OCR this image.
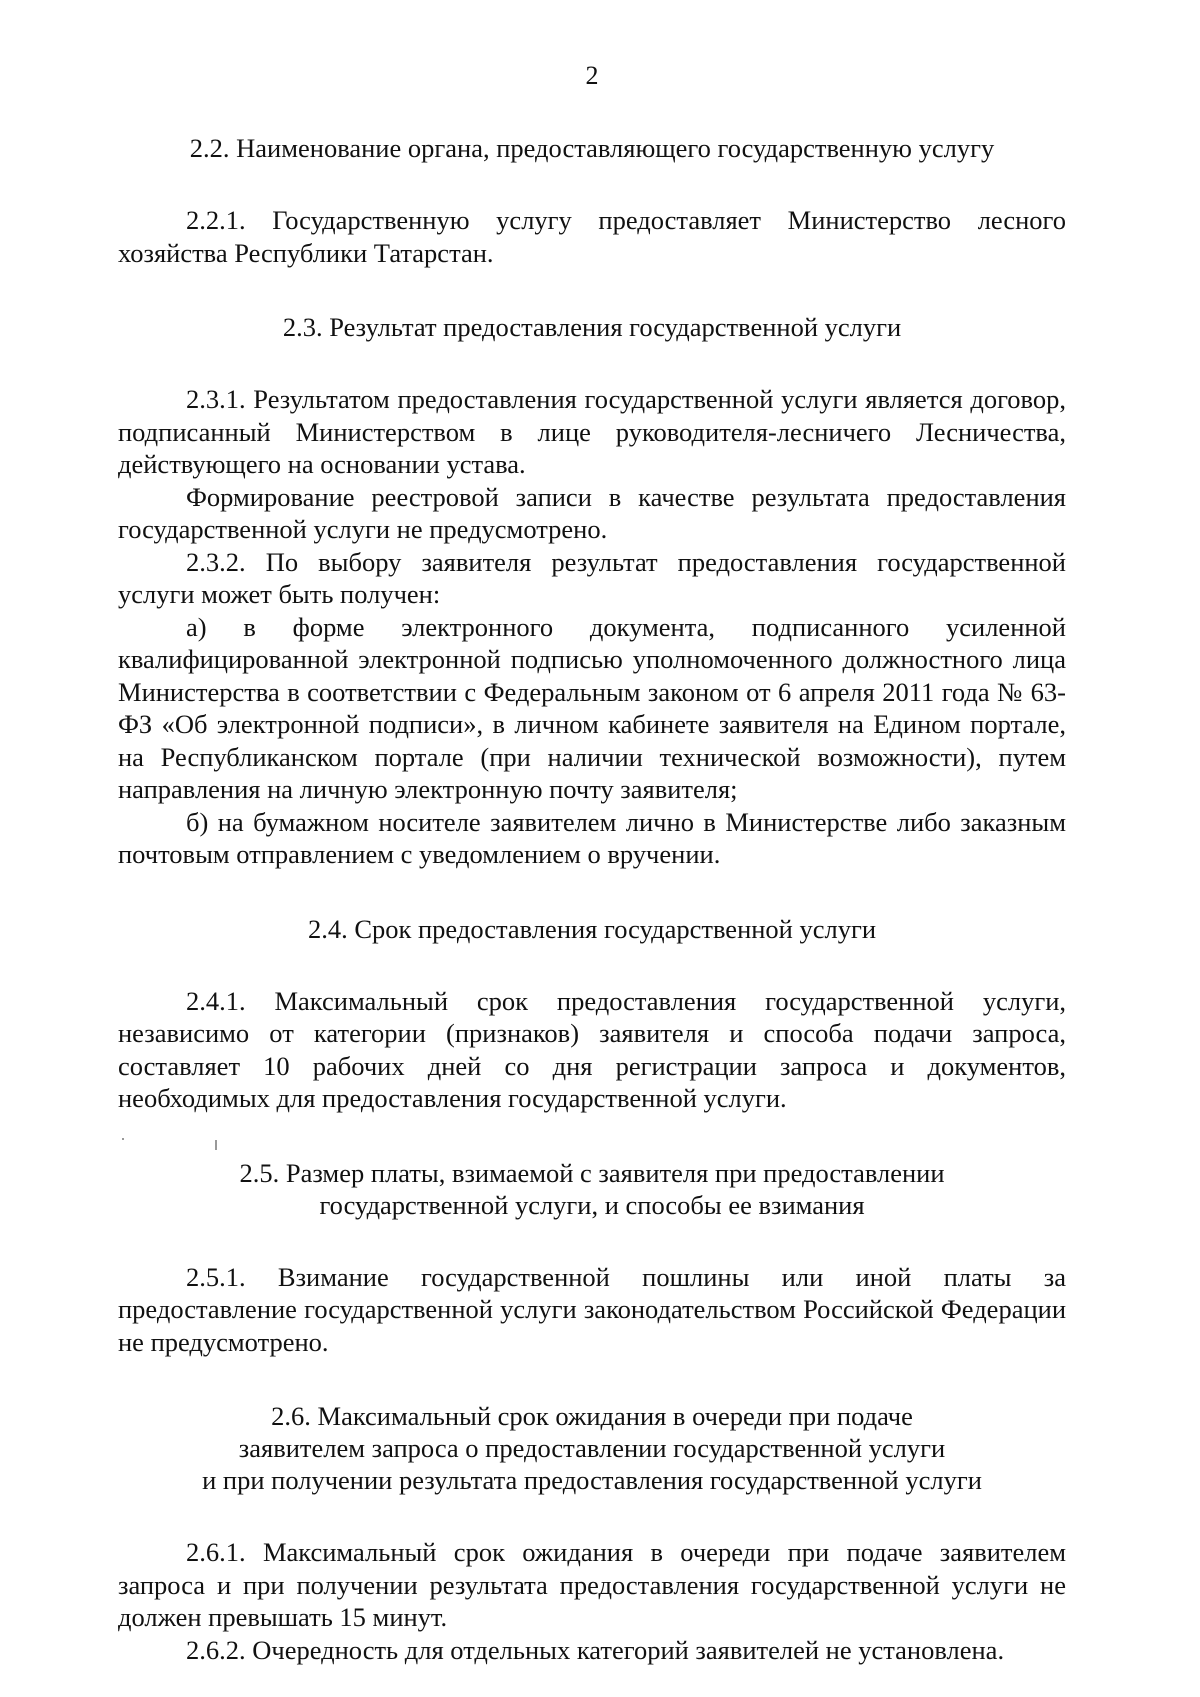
2

2.2. Наименование органа, предоставляющего государственную услугу

2.2.1. Государственную услугу предоставляет Министерство лесного хозяйства Республики Татарстан.

2.3. Результат предоставления государственной услуги

2.3.1. Результатом предоставления государственной услуги является договор, подписанный Министерством в лице руководителя-лесничего Лесничества, действующего на основании устава.

Формирование реестровой записи в качестве результата предоставления государственной услуги не предусмотрено.

2.3.2. По выбору заявителя результат предоставления государственной услуги может быть получен:

а) в форме электронного документа, подписанного усиленной квалифицированной электронной подписью уполномоченного должностного лица Министерства в соответствии с Федеральным законом от 6 апреля 2011 года № 63-ФЗ «Об электронной подписи», в личном кабинете заявителя на Едином портале, на Республиканском портале (при наличии технической возможности), путем направления на личную электронную почту заявителя;

б) на бумажном носителе заявителем лично в Министерстве либо заказным почтовым отправлением с уведомлением о вручении.

2.4. Срок предоставления государственной услуги

2.4.1. Максимальный срок предоставления государственной услуги, независимо от категории (признаков) заявителя и способа подачи запроса, составляет 10 рабочих дней со дня регистрации запроса и документов, необходимых для предоставления государственной услуги.

2.5. Размер платы, взимаемой с заявителя при предоставлении
государственной услуги, и способы ее взимания

2.5.1. Взимание государственной пошлины или иной платы за предоставление государственной услуги законодательством Российской Федерации не предусмотрено.

2.6. Максимальный срок ожидания в очереди при подаче
заявителем запроса о предоставлении государственной услуги
и при получении результата предоставления государственной услуги

2.6.1. Максимальный срок ожидания в очереди при подаче заявителем запроса и при получении результата предоставления государственной услуги не должен превышать 15 минут.

2.6.2. Очередность для отдельных категорий заявителей не установлена.
